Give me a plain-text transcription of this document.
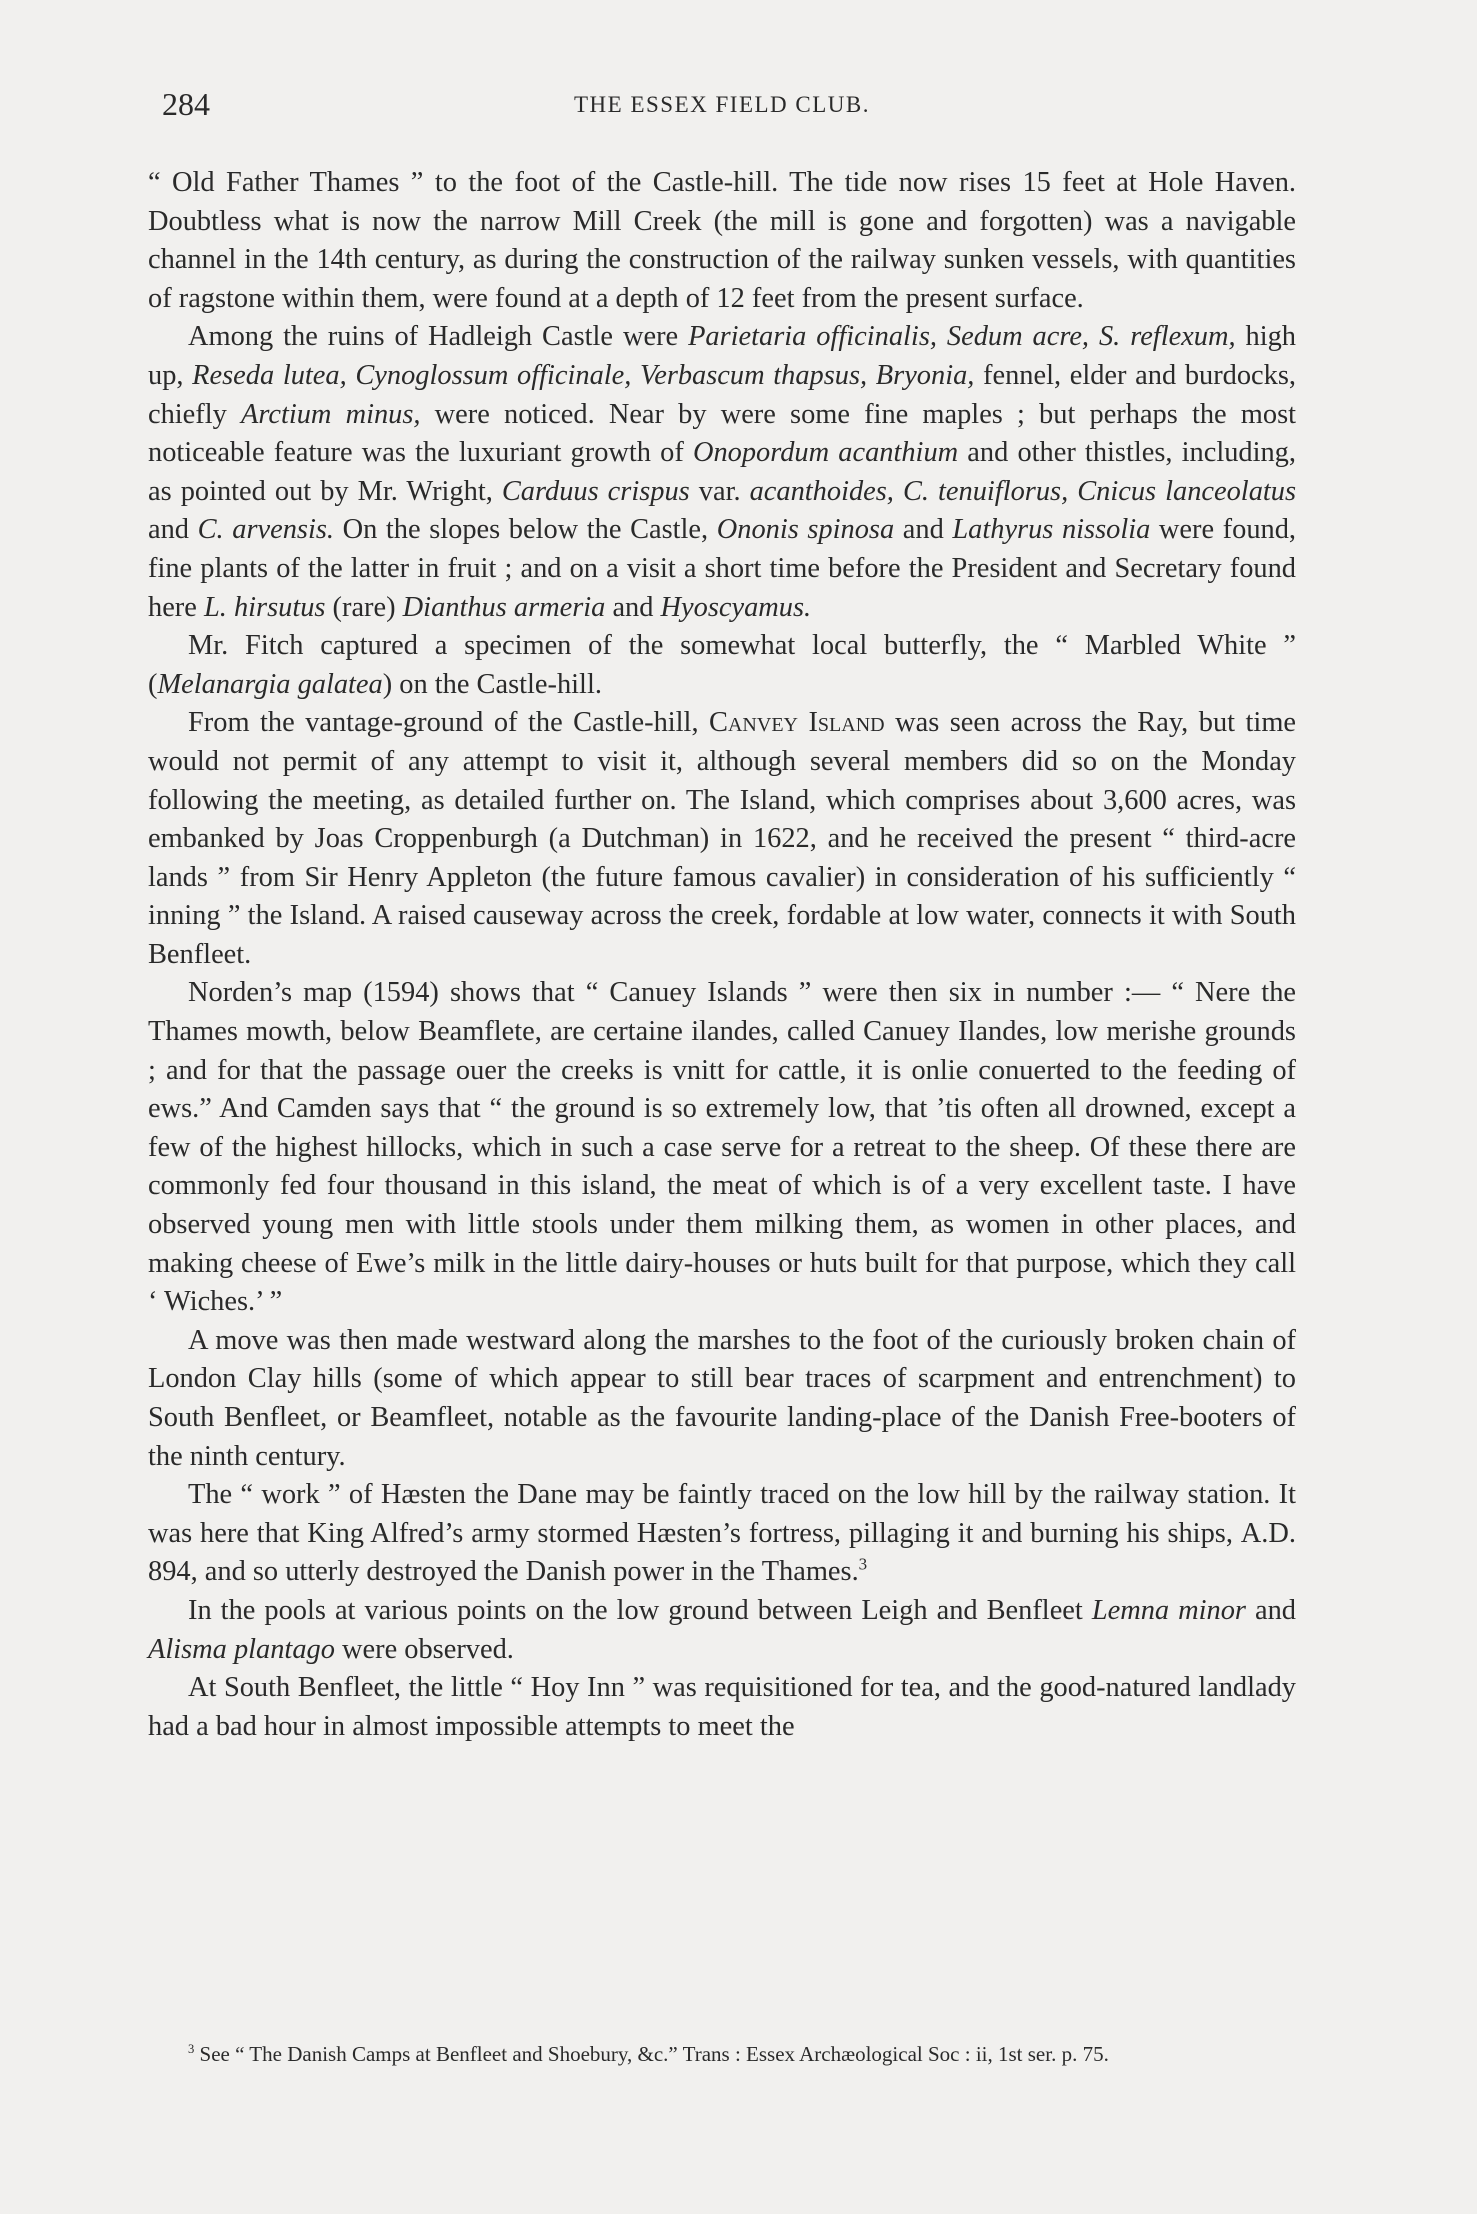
284	THE ESSEX FIELD CLUB.

“ Old Father Thames ” to the foot of the Castle-hill. The tide now rises 15 feet at Hole Haven. Doubtless what is now the narrow Mill Creek (the mill is gone and forgotten) was a navigable channel in the 14th century, as during the construction of the railway sunken vessels, with quantities of ragstone within them, were found at a depth of 12 feet from the present surface.

Among the ruins of Hadleigh Castle were Parietaria officinalis, Sedum acre, S. reflexum, high up, Reseda lutea, Cynoglossum officinale, Verbascum thapsus, Bryonia, fennel, elder and burdocks, chiefly Arctium minus, were noticed. Near by were some fine maples ; but perhaps the most noticeable feature was the luxuriant growth of Onopordum acanthium and other thistles, including, as pointed out by Mr. Wright, Carduus crispus var. acanthoides, C. tenuiflorus, Cnicus lanceolatus and C. arvensis. On the slopes below the Castle, Ononis spinosa and Lathyrus nissolia were found, fine plants of the latter in fruit ; and on a visit a short time before the President and Secretary found here L. hirsutus (rare) Dianthus armeria and Hyoscyamus.

Mr. Fitch captured a specimen of the somewhat local butterfly, the “ Marbled White ” (Melanargia galatea) on the Castle-hill.

From the vantage-ground of the Castle-hill, Canvey Island was seen across the Ray, but time would not permit of any attempt to visit it, although several members did so on the Monday following the meeting, as detailed further on. The Island, which comprises about 3,600 acres, was embanked by Joas Croppenburgh (a Dutchman) in 1622, and he received the present “ third-acre lands ” from Sir Henry Appleton (the future famous cavalier) in consideration of his sufficiently “ inning ” the Island. A raised causeway across the creek, fordable at low water, connects it with South Benfleet.

Norden’s map (1594) shows that “ Canuey Islands ” were then six in number :— “ Nere the Thames mowth, below Beamflete, are certaine ilandes, called Canuey Ilandes, low merishe grounds ; and for that the passage ouer the creeks is vnitt for cattle, it is onlie conuerted to the feeding of ews.” And Camden says that “ the ground is so extremely low, that ’tis often all drowned, except a few of the highest hillocks, which in such a case serve for a retreat to the sheep. Of these there are commonly fed four thousand in this island, the meat of which is of a very excellent taste. I have observed young men with little stools under them milking them, as women in other places, and making cheese of Ewe’s milk in the little dairy-houses or huts built for that purpose, which they call ‘ Wiches.’ ”

A move was then made westward along the marshes to the foot of the curiously broken chain of London Clay hills (some of which appear to still bear traces of scarpment and entrenchment) to South Benfleet, or Beamfleet, notable as the favourite landing-place of the Danish Free-booters of the ninth century.

The “ work ” of Hæsten the Dane may be faintly traced on the low hill by the railway station. It was here that King Alfred’s army stormed Hæsten’s fortress, pillaging it and burning his ships, A.D. 894, and so utterly destroyed the Danish power in the Thames.$^3$

In the pools at various points on the low ground between Leigh and Benfleet Lemna minor and Alisma plantago were observed.

At South Benfleet, the little “ Hoy Inn ” was requisitioned for tea, and the good-natured landlady had a bad hour in almost impossible attempts to meet the

$^3$ See “ The Danish Camps at Benfleet and Shoebury, &c.” Trans : Essex Archæological Soc : ii, 1st ser. p. 75.
